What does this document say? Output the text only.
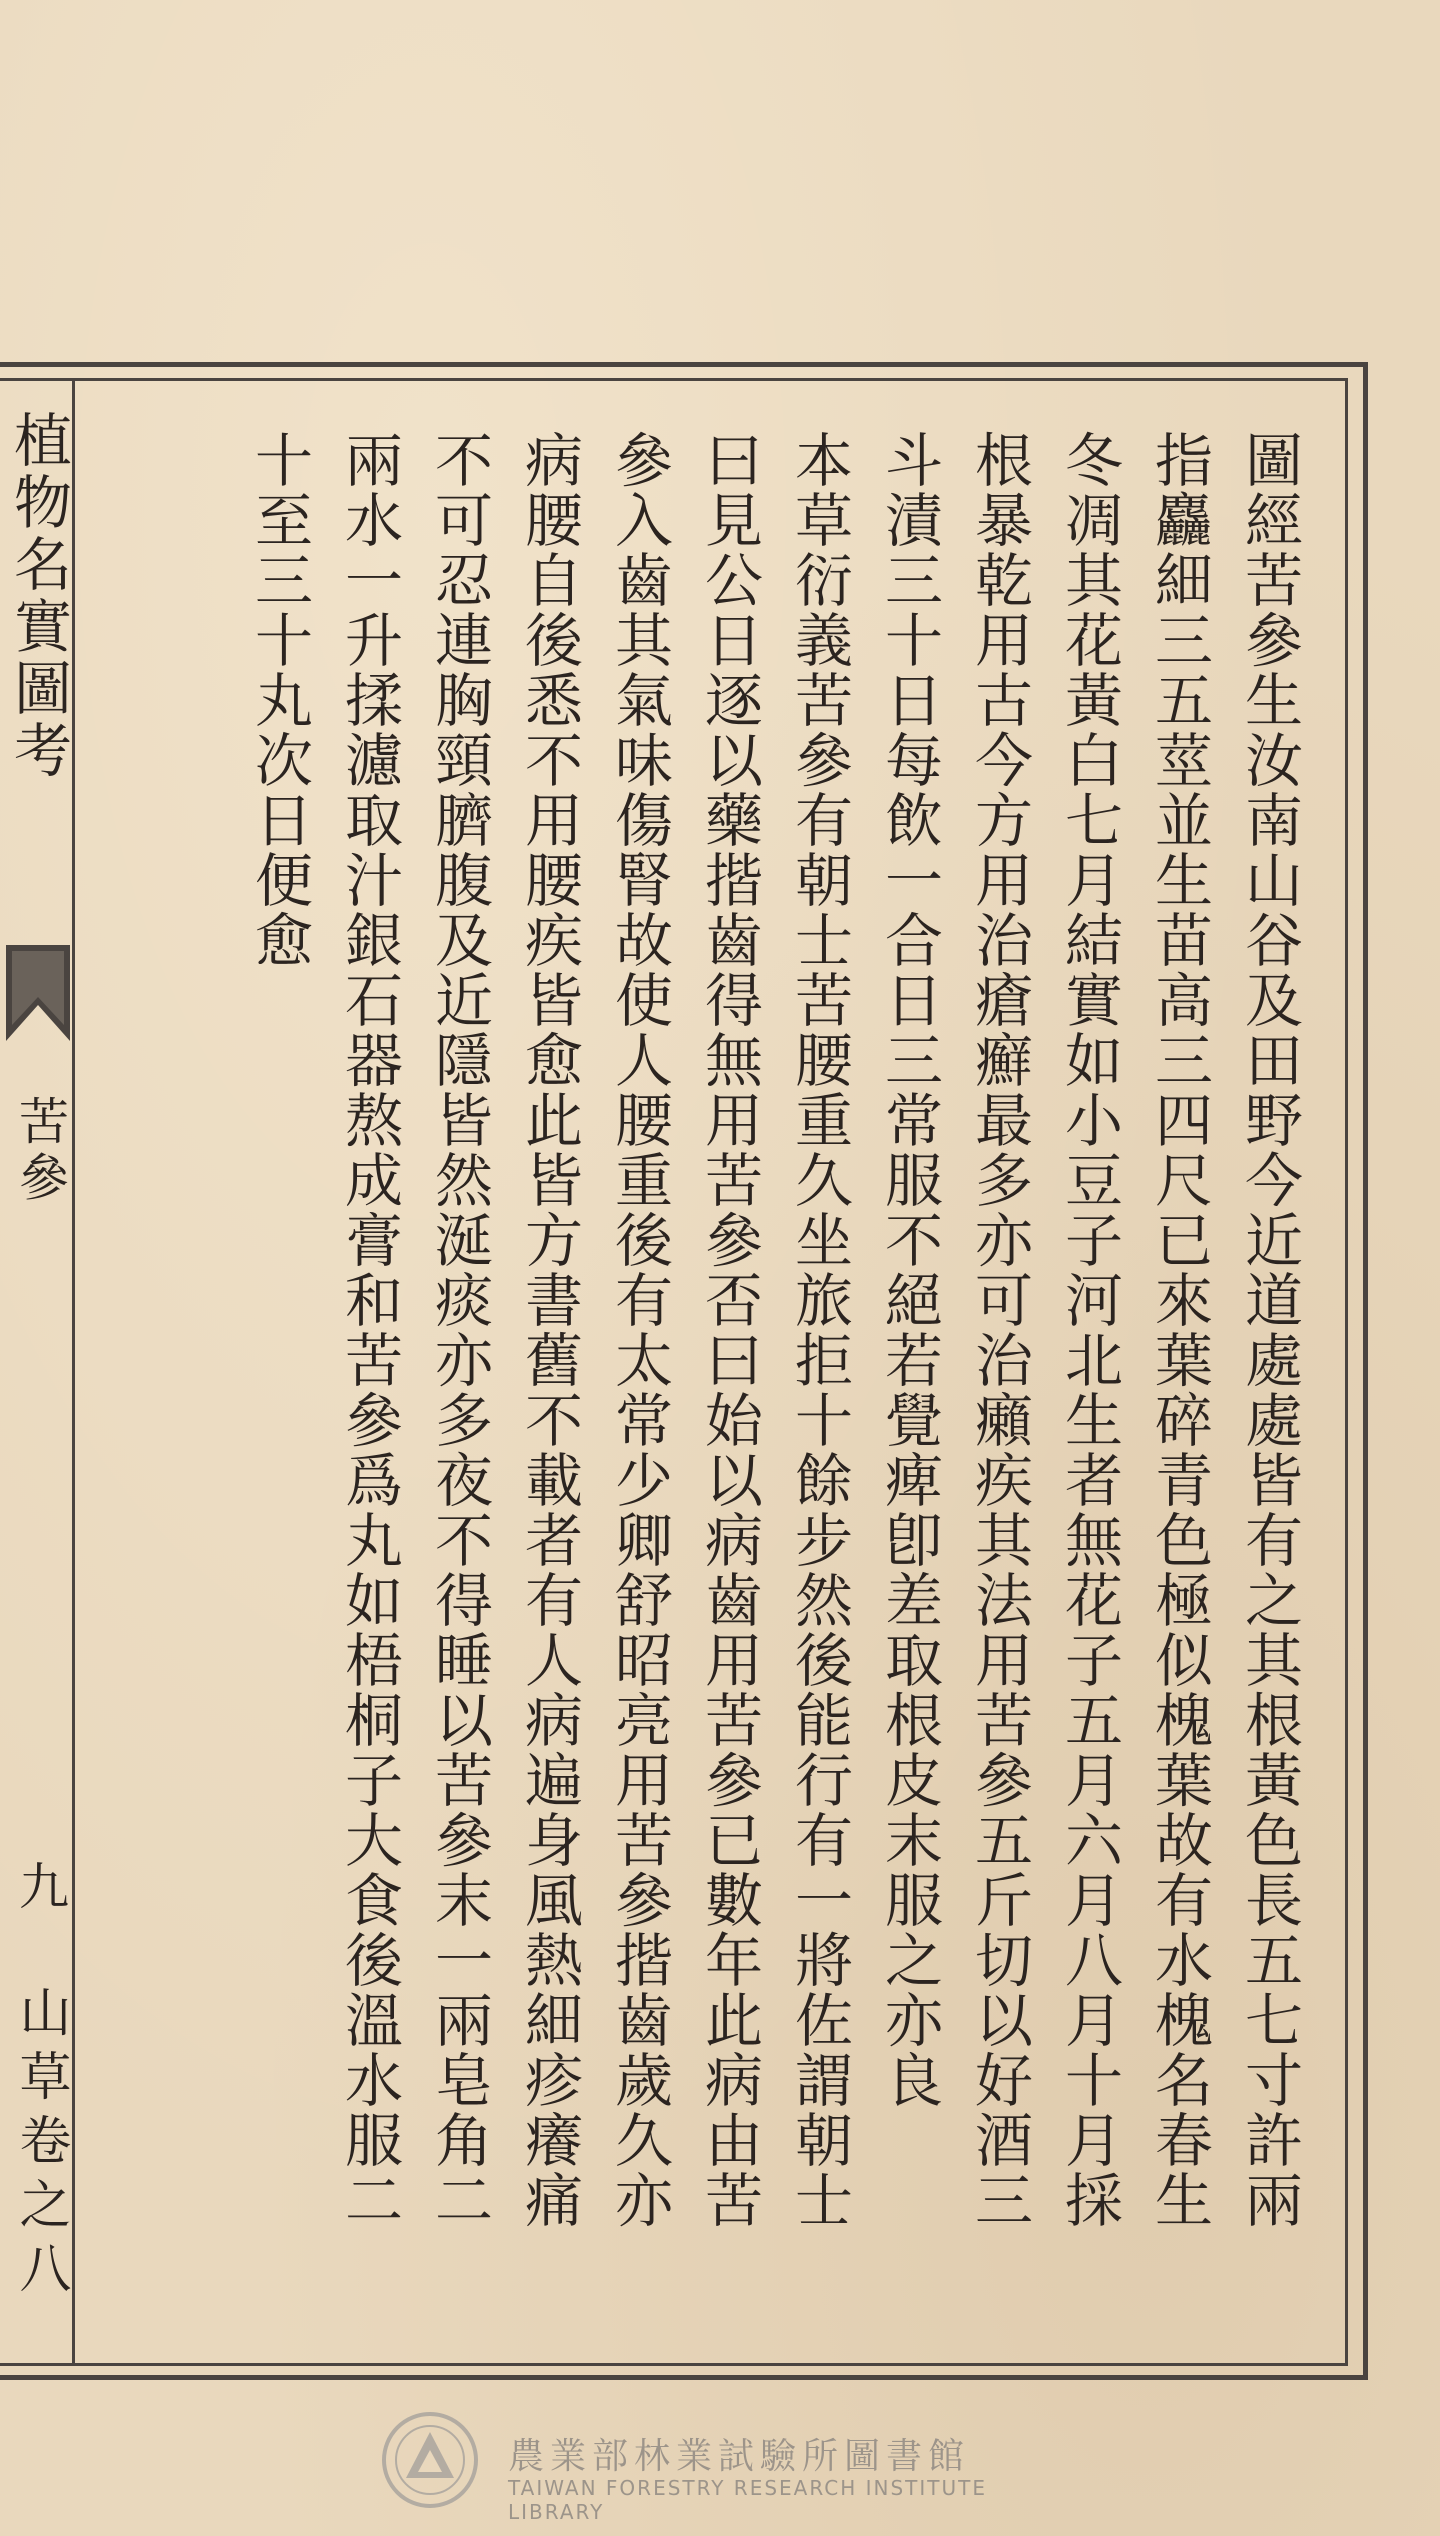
植物名實圖考
苦參
九
山草卷之八	圖經苦參生汝南山谷及田野今近道處處皆有之其根黃色長五七寸許兩
指麤細三五莖並生苗高三四尺已來葉碎青色極似槐葉故有水槐名春生
冬凋其花黃白七月結實如小豆子河北生者無花子五月六月八月十月採
根暴乾用古今方用治瘡癬最多亦可治癩疾其法用苦參五斤切以好酒三
斗漬三十日每飲一合日三常服不絕若覺痺卽差取根皮末服之亦良
本草衍義苦參有朝士苦腰重久坐旅拒十餘步然後能行有一將佐謂朝士
曰見公日逐以藥揩齒得無用苦參否曰始以病齒用苦參已數年此病由苦
參入齒其氣味傷腎故使人腰重後有太常少卿舒昭亮用苦參揩齒歲久亦
病腰自後悉不用腰疾皆愈此皆方書舊不載者有人病遍身風熱細疹癢痛
不可忍連胸頸臍腹及近隱皆然涎痰亦多夜不得睡以苦參末一兩皂角二
兩水一升揉濾取汁銀石器熬成膏和苦參爲丸如梧桐子大食後溫水服二
十至三十丸次日便愈
農業部林業試驗所圖書館
TAIWAN FORESTRY RESEARCH INSTITUTE LIBRARY
